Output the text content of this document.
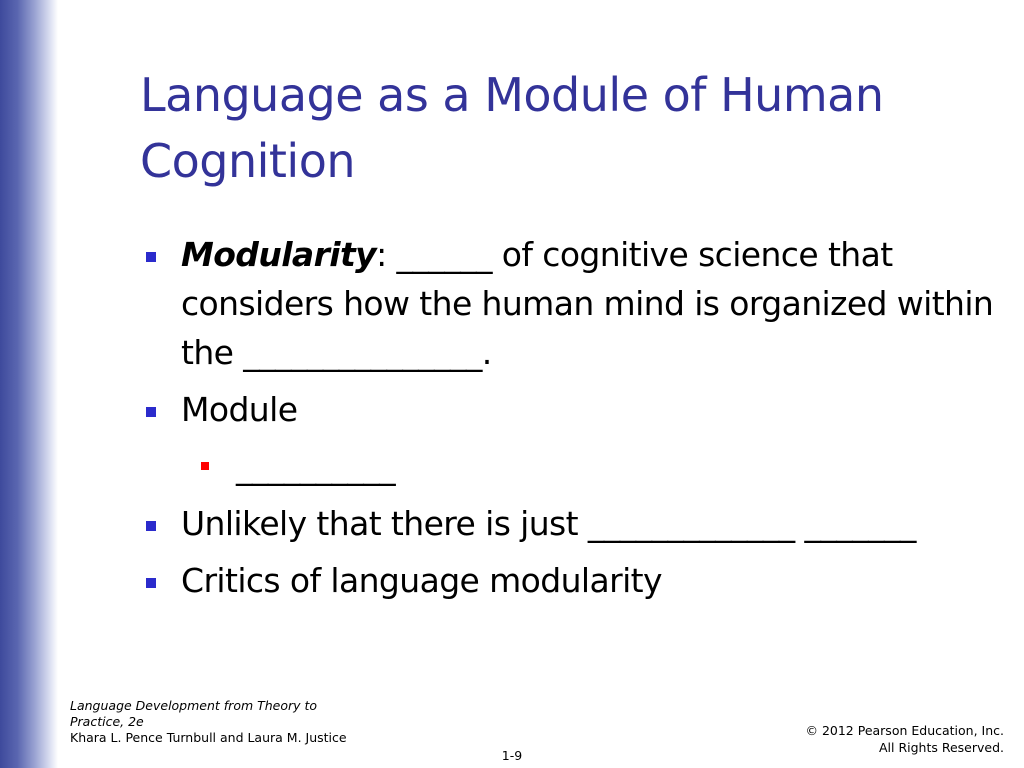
Language as a Module of Human Cognition
Modularity: ______ of cognitive science that considers how the human mind is organized within the _______________.
Module
__________
Unlikely that there is just _____________ _______
Critics of language modularity
Language Development from Theory to
Practice, 2e
Khara L. Pence Turnbull and Laura M. Justice	© 2012 Pearson Education, Inc.
All Rights Reserved.
1-9
